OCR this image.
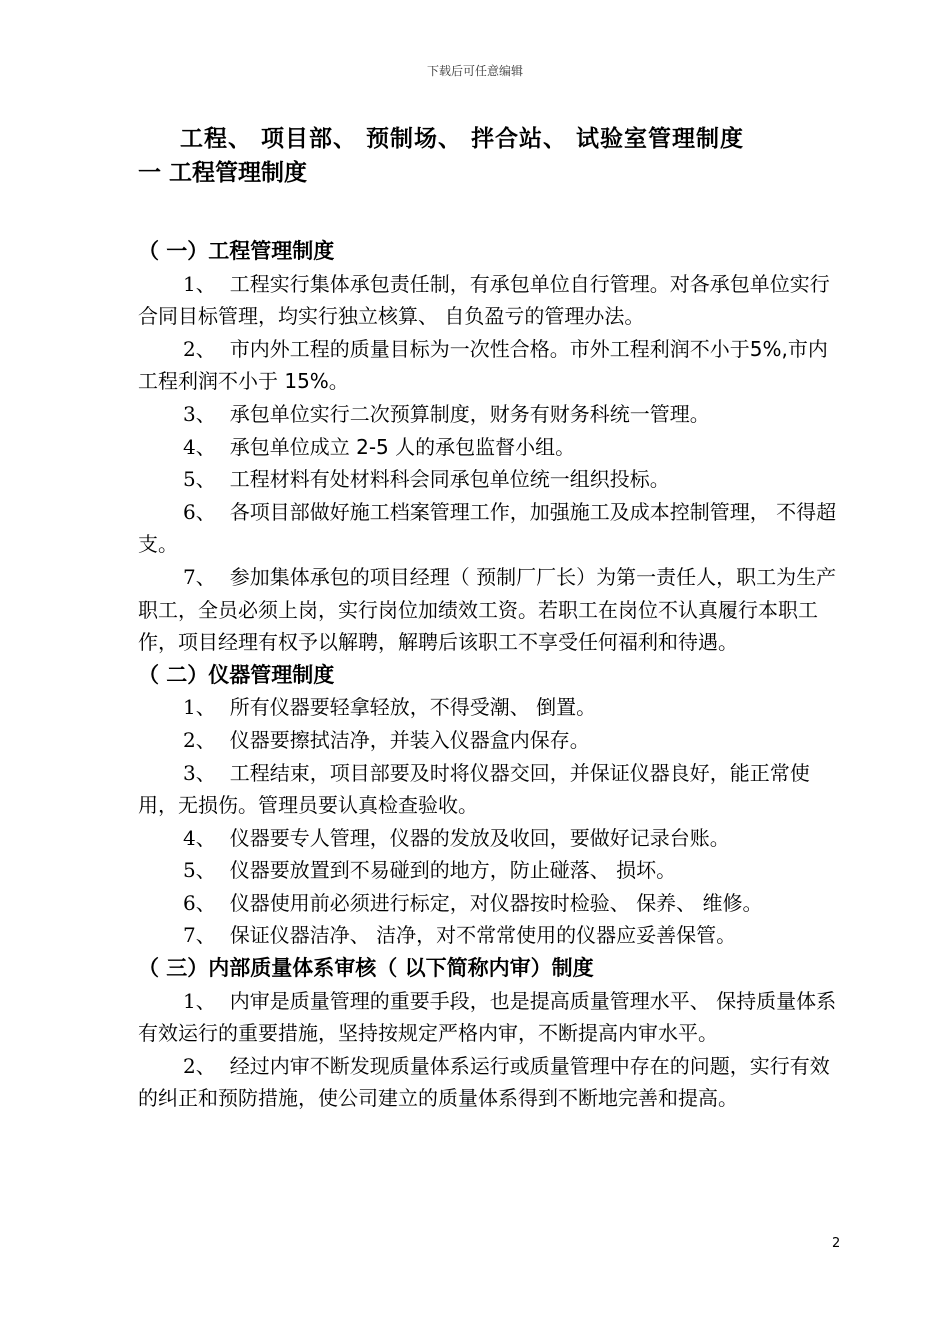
下载后可任意编辑
工程、 项目部、 预制场、 拌合站、 试验室管理制度
一 工程管理制度
（ 一）工程管理制度
1、 工程实行集体承包责任制，有承包单位自行管理。对各承包单位实行合同目标管理，均实行独立核算、 自负盈亏的管理办法。
2、 市内外工程的质量目标为一次性合格。市外工程利润不小于5%,市内工程利润不小于 15%。
3、 承包单位实行二次预算制度，财务有财务科统一管理。
4、 承包单位成立 2-5 人的承包监督小组。
5、 工程材料有处材料科会同承包单位统一组织投标。
6、 各项目部做好施工档案管理工作，加强施工及成本控制管理， 不得超支。
7、 参加集体承包的项目经理（ 预制厂厂长）为第一责任人，职工为生产职工，全员必须上岗，实行岗位加绩效工资。若职工在岗位不认真履行本职工作，项目经理有权予以解聘，解聘后该职工不享受任何福利和待遇。
（ 二）仪器管理制度
1、 所有仪器要轻拿轻放，不得受潮、 倒置。
2、 仪器要擦拭洁净，并装入仪器盒内保存。
3、 工程结束，项目部要及时将仪器交回，并保证仪器良好，能正常使用，无损伤。管理员要认真检查验收。
4、 仪器要专人管理，仪器的发放及收回，要做好记录台账。
5、 仪器要放置到不易碰到的地方，防止碰落、 损坏。
6、 仪器使用前必须进行标定，对仪器按时检验、 保养、 维修。
7、 保证仪器洁净、 洁净，对不常常使用的仪器应妥善保管。
（ 三）内部质量体系审核（ 以下简称内审）制度
1、 内审是质量管理的重要手段，也是提高质量管理水平、 保持质量体系有效运行的重要措施，坚持按规定严格内审，不断提高内审水平。
2、 经过内审不断发现质量体系运行或质量管理中存在的问题，实行有效的纠正和预防措施，使公司建立的质量体系得到不断地完善和提高。
2
